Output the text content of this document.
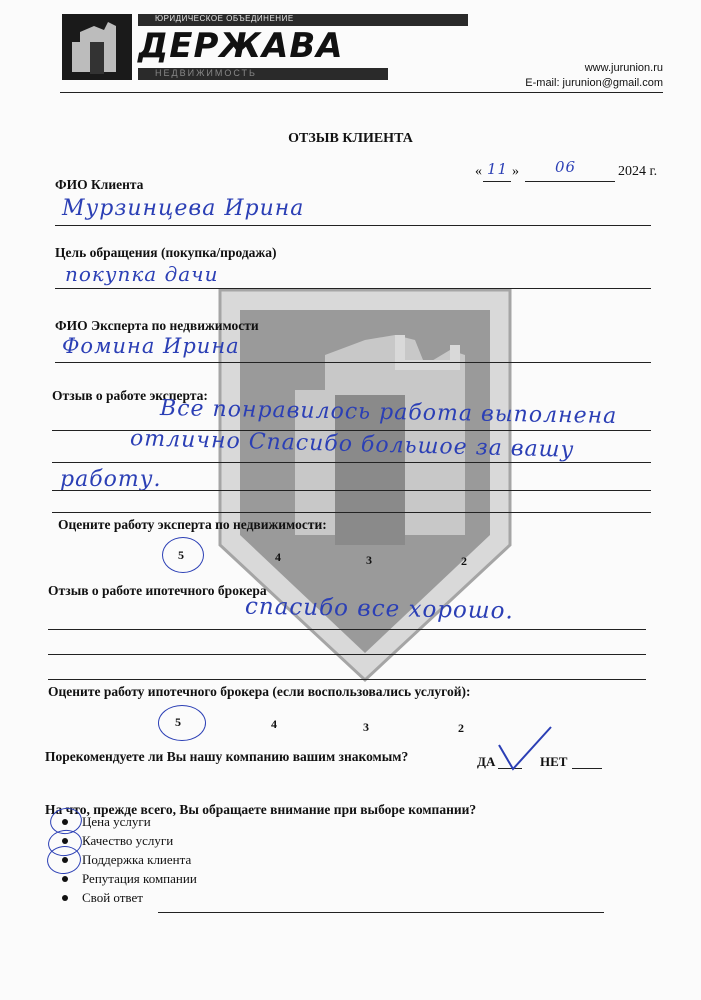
ЮРИДИЧЕСКОЕ ОБЪЕДИНЕНИЕ
ДЕРЖАВА
НЕДВИЖИМОСТЬ	www.jurunion.ru
E-mail: jurunion@gmail.com
ОТЗЫВ КЛИЕНТА
« 11 » 06	2024 г.
ФИО Клиента
Мурзинцева Ирина
Цель обращения (покупка/продажа)
покупка дачи
ФИО Эксперта по недвижимости
Фомина Ирина
Отзыв о работе эксперта:
Все понравилось работа выполнена
отлично Спасибо большое за вашу
работу.
Оцените работу эксперта по недвижимости:
5	4	3	2
Отзыв о работе ипотечного брокера
спасибо все хорошо.
Оцените работу ипотечного брокера (если воспользовались услугой):
5	4	3	2
Порекомендуете ли Вы нашу компанию вашим знакомым?	ДА	НЕТ
На что, прежде всего, Вы обращаете внимание при выборе компании?
Цена услуги
Качество услуги
Поддержка клиента
Репутация компании
Свой ответ
